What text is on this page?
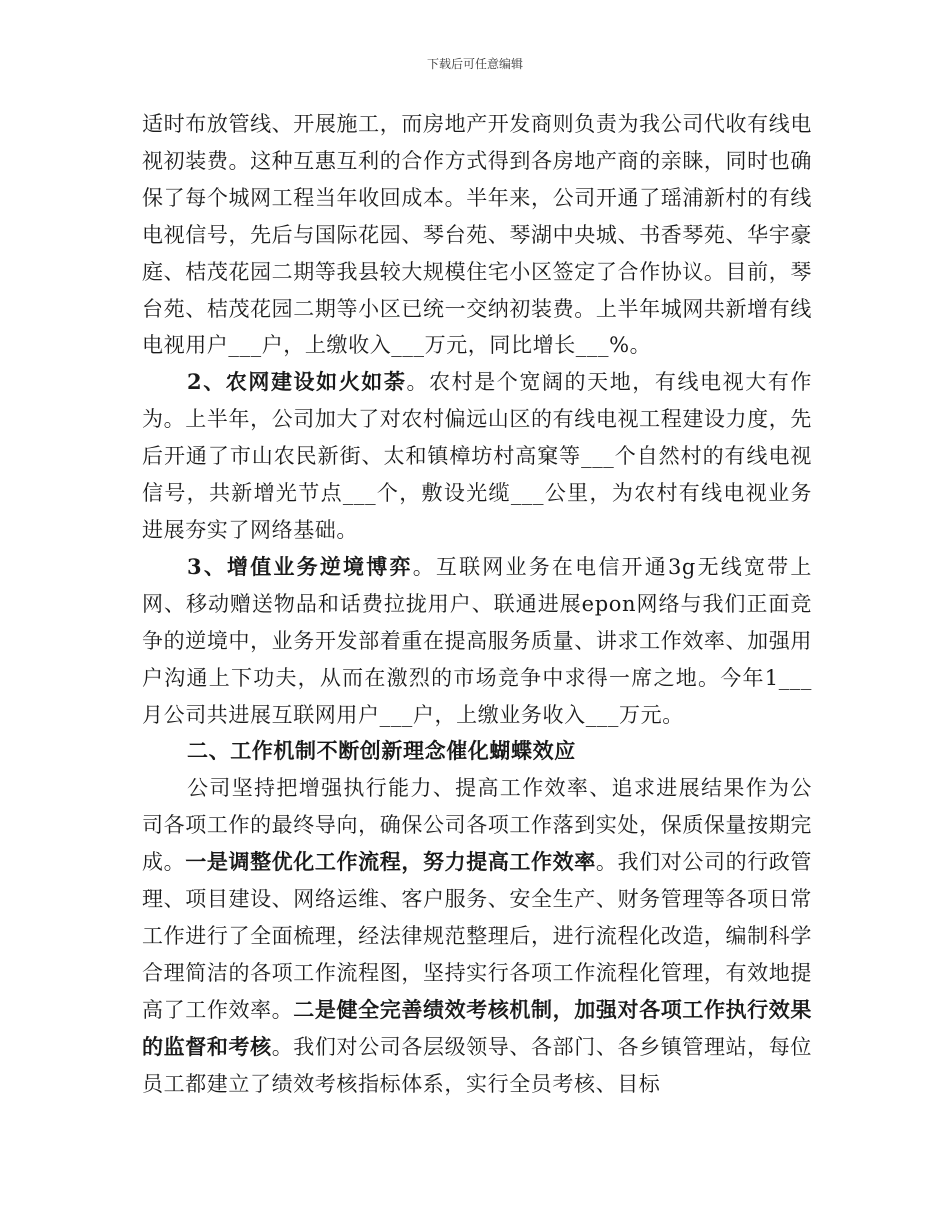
下载后可任意编辑

适时布放管线、开展施工，而房地产开发商则负责为我公司代收有线电视初装费。这种互惠互利的合作方式得到各房地产商的亲睐，同时也确保了每个城网工程当年收回成本。半年来，公司开通了瑶浦新村的有线电视信号，先后与国际花园、琴台苑、琴湖中央城、书香琴苑、华宇豪庭、桔茂花园二期等我县较大规模住宅小区签定了合作协议。目前，琴台苑、桔茂花园二期等小区已统一交纳初装费。上半年城网共新增有线电视用户___户，上缴收入___万元，同比增长___%。

2、农网建设如火如荼。农村是个宽阔的天地，有线电视大有作为。上半年，公司加大了对农村偏远山区的有线电视工程建设力度，先后开通了市山农民新街、太和镇樟坊村高窠等___个自然村的有线电视信号，共新增光节点___个，敷设光缆___公里，为农村有线电视业务进展夯实了网络基础。

3、增值业务逆境博弈。互联网业务在电信开通3g无线宽带上网、移动赠送物品和话费拉拢用户、联通进展epon网络与我们正面竞争的逆境中，业务开发部着重在提高服务质量、讲求工作效率、加强用户沟通上下功夫，从而在激烈的市场竞争中求得一席之地。今年1___月公司共进展互联网用户___户，上缴业务收入___万元。

二、工作机制不断创新理念催化蝴蝶效应

公司坚持把增强执行能力、提高工作效率、追求进展结果作为公司各项工作的最终导向，确保公司各项工作落到实处，保质保量按期完成。一是调整优化工作流程，努力提高工作效率。我们对公司的行政管理、项目建设、网络运维、客户服务、安全生产、财务管理等各项日常工作进行了全面梳理，经法律规范整理后，进行流程化改造，编制科学合理简洁的各项工作流程图，坚持实行各项工作流程化管理，有效地提高了工作效率。二是健全完善绩效考核机制，加强对各项工作执行效果的监督和考核。我们对公司各层级领导、各部门、各乡镇管理站，每位员工都建立了绩效考核指标体系，实行全员考核、目标
